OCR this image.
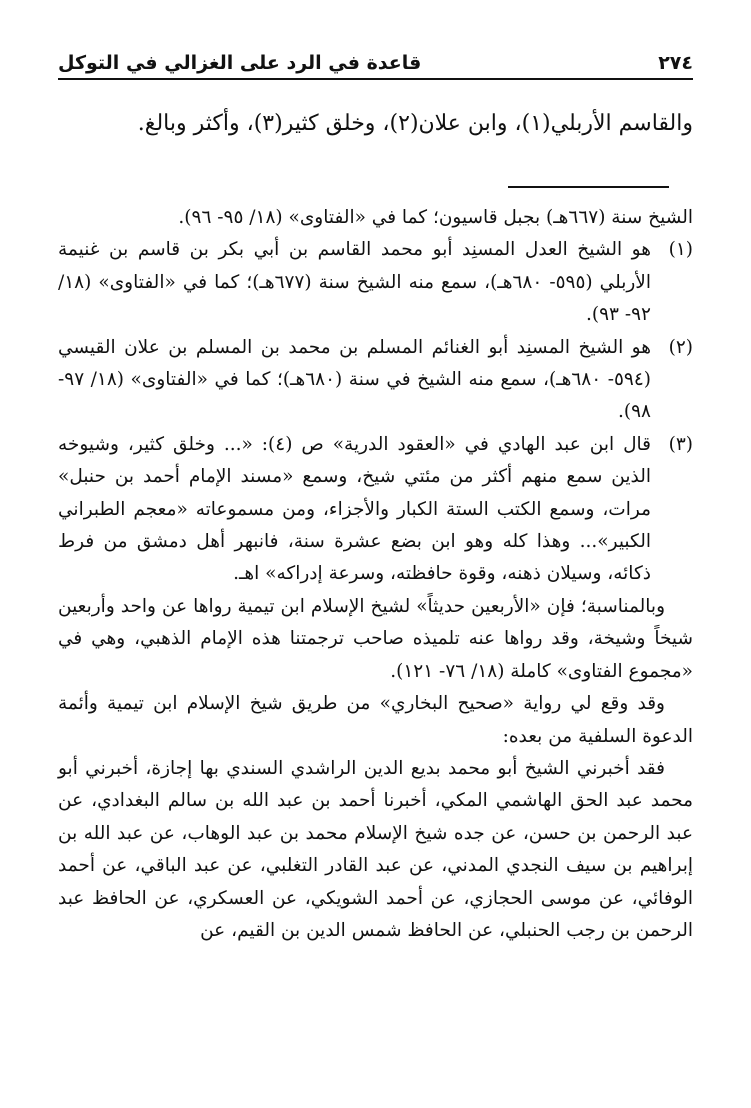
٢٧٤
قاعدة في الرد على الغزالي في التوكل
والقاسم الأربلي(١)، وابن علان(٢)، وخلق كثير(٣)، وأكثر وبالغ.

الشيخ سنة (٦٦٧هـ) بجبل قاسيون؛ كما في «الفتاوى» (١٨/ ٩٥- ٩٦).

(١)
هو الشيخ العدل المسنِد أبو محمد القاسم بن أبي بكر بن قاسم بن غنيمة الأربلي (٥٩٥- ٦٨٠هـ)، سمع منه الشيخ سنة (٦٧٧هـ)؛ كما في «الفتاوى» (١٨/ ٩٢- ٩٣).
(٢)
هو الشيخ المسنِد أبو الغنائم المسلم بن محمد بن المسلم بن علان القيسي (٥٩٤- ٦٨٠هـ)، سمع منه الشيخ في سنة (٦٨٠هـ)؛ كما في «الفتاوى» (١٨/ ٩٧- ٩٨).
(٣)
قال ابن عبد الهادي في «العقود الدرية» ص (٤): «... وخلق كثير، وشيوخه الذين سمع منهم أكثر من مئتي شيخ، وسمع «مسند الإمام أحمد بن حنبل» مرات، وسمع الكتب الستة الكبار والأجزاء، ومن مسموعاته «معجم الطبراني الكبير»... وهذا كله وهو ابن بضع عشرة سنة، فانبهر أهل دمشق من فرط ذكائه، وسيلان ذهنه، وقوة حافظته، وسرعة إدراكه» اهـ.

وبالمناسبة؛ فإن «الأربعين حديثاً» لشيخ الإسلام ابن تيمية رواها عن واحد وأربعين شيخاً وشيخة، وقد رواها عنه تلميذه صاحب ترجمتنا هذه الإمام الذهبي، وهي في «مجموع الفتاوى» كاملة (١٨/ ٧٦- ١٢١).

وقد وقع لي رواية «صحيح البخاري» من طريق شيخ الإسلام ابن تيمية وأئمة الدعوة السلفية من بعده:

فقد أخبرني الشيخ أبو محمد بديع الدين الراشدي السندي بها إجازة، أخبرني أبو محمد عبد الحق الهاشمي المكي، أخبرنا أحمد بن عبد الله بن سالم البغدادي، عن عبد الرحمن بن حسن، عن جده شيخ الإسلام محمد بن عبد الوهاب، عن عبد الله بن إبراهيم بن سيف النجدي المدني، عن عبد القادر التغلبي، عن عبد الباقي، عن أحمد الوفائي، عن موسى الحجازي، عن أحمد الشويكي، عن العسكري، عن الحافظ عبد الرحمن بن رجب الحنبلي، عن الحافظ شمس الدين بن القيم، عن
